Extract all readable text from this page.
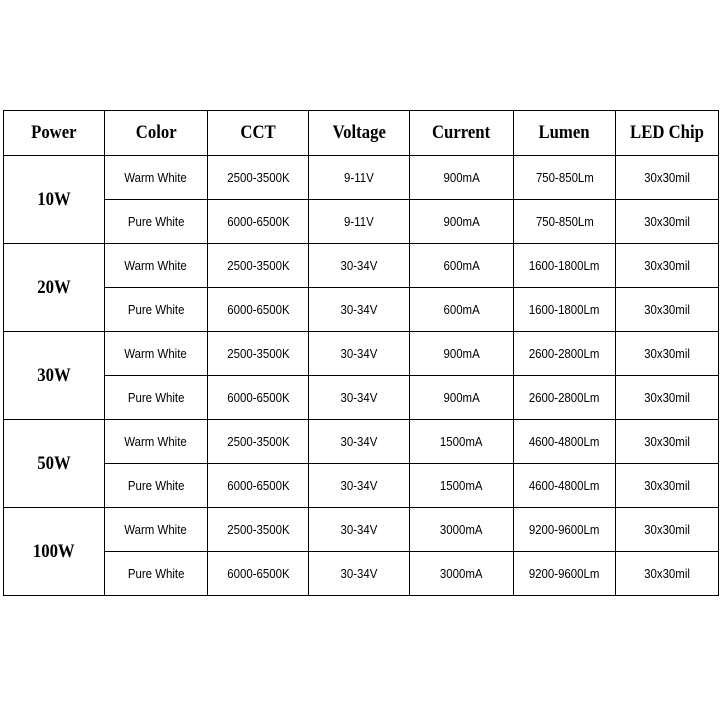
Power	Color	CCT	Voltage	Current	Lumen	LED Chip
10W	Warm White	2500-3500K	9-11V	900mA	750-850Lm	30x30mil
	Pure White	6000-6500K	9-11V	900mA	750-850Lm	30x30mil
20W	Warm White	2500-3500K	30-34V	600mA	1600-1800Lm	30x30mil
	Pure White	6000-6500K	30-34V	600mA	1600-1800Lm	30x30mil
30W	Warm White	2500-3500K	30-34V	900mA	2600-2800Lm	30x30mil
	Pure White	6000-6500K	30-34V	900mA	2600-2800Lm	30x30mil
50W	Warm White	2500-3500K	30-34V	1500mA	4600-4800Lm	30x30mil
	Pure White	6000-6500K	30-34V	1500mA	4600-4800Lm	30x30mil
100W	Warm White	2500-3500K	30-34V	3000mA	9200-9600Lm	30x30mil
	Pure White	6000-6500K	30-34V	3000mA	9200-9600Lm	30x30mil
